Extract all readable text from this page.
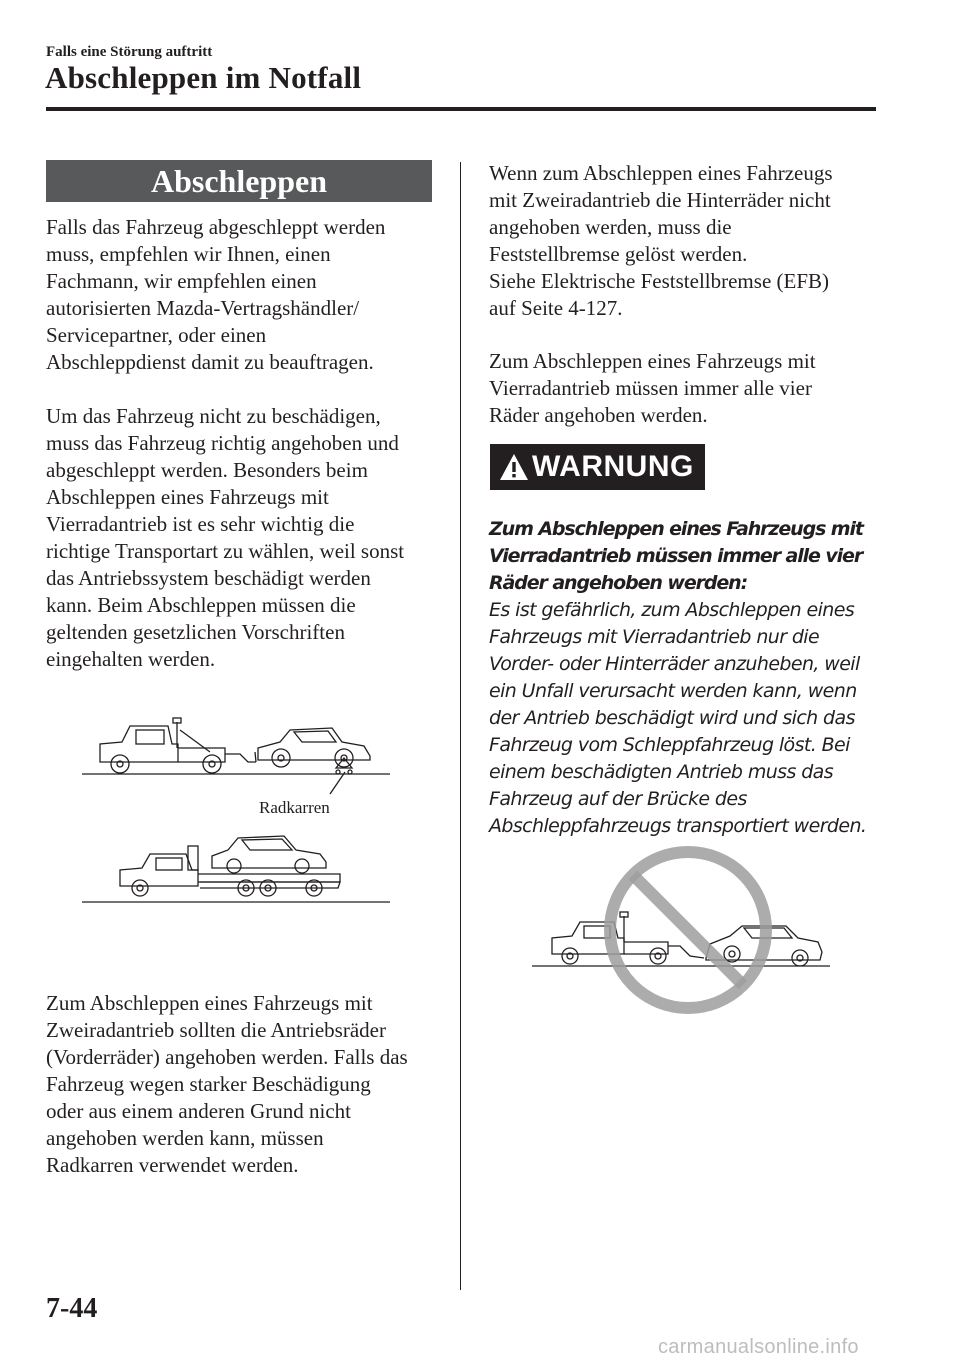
Falls eine Störung auftritt
Abschleppen im Notfall
Abschleppen

Falls das Fahrzeug abgeschleppt werden
muss, empfehlen wir Ihnen, einen
Fachmann, wir empfehlen einen
autorisierten Mazda-Vertragshändler/
Servicepartner, oder einen
Abschleppdienst damit zu beauftragen.

Um das Fahrzeug nicht zu beschädigen,
muss das Fahrzeug richtig angehoben und
abgeschleppt werden. Besonders beim
Abschleppen eines Fahrzeugs mit
Vierradantrieb ist es sehr wichtig die
richtige Transportart zu wählen, weil sonst
das Antriebssystem beschädigt werden
kann. Beim Abschleppen müssen die
geltenden gesetzlichen Vorschriften
eingehalten werden.

Radkarren

Zum Abschleppen eines Fahrzeugs mit
Zweiradantrieb sollten die Antriebsräder
(Vorderräder) angehoben werden. Falls das
Fahrzeug wegen starker Beschädigung
oder aus einem anderen Grund nicht
angehoben werden kann, müssen
Radkarren verwendet werden.

Wenn zum Abschleppen eines Fahrzeugs
mit Zweiradantrieb die Hinterräder nicht
angehoben werden, muss die
Feststellbremse gelöst werden.
Siehe Elektrische Feststellbremse (EFB)
auf Seite 4-127.

Zum Abschleppen eines Fahrzeugs mit
Vierradantrieb müssen immer alle vier
Räder angehoben werden.

WARNUNG
Zum Abschleppen eines Fahrzeugs mit
Vierradantrieb müssen immer alle vier
Räder angehoben werden:
Es ist gefährlich, zum Abschleppen eines
Fahrzeugs mit Vierradantrieb nur die
Vorder- oder Hinterräder anzuheben, weil
ein Unfall verursacht werden kann, wenn
der Antrieb beschädigt wird und sich das
Fahrzeug vom Schleppfahrzeug löst. Bei
einem beschädigten Antrieb muss das
Fahrzeug auf der Brücke des
Abschleppfahrzeugs transportiert werden.
7-44
carmanualsonline.info
